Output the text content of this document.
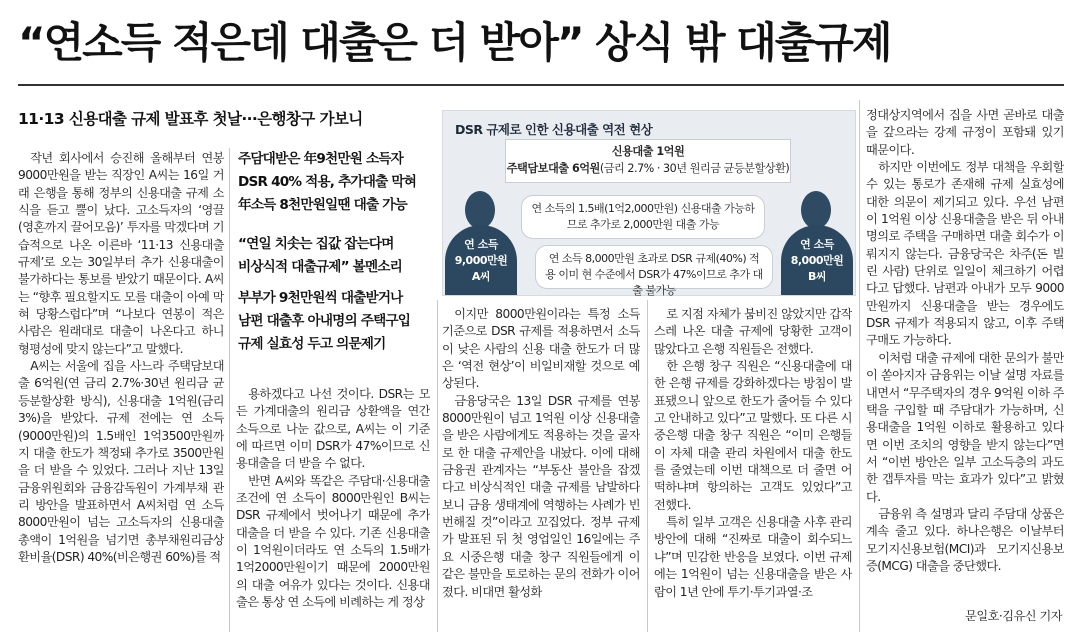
“연소득 적은데 대출은 더 받아” 상식 밖 대출규제
11·13 신용대출 규제 발표후 첫날···은행창구 가보니

작년 회사에서 승진해 올해부터 연봉 9000만원을 받는 직장인 A씨는 16일 거래 은행을 통해 정부의 신용대출 규제 소식을 듣고 뿔이 났다. 고소득자의 ‘영끌(영혼까지 끌어모음)’ 투자를 막겠다며 기습적으로 나온 이른바 ‘11·13 신용대출 규제’로 오는 30일부터 추가 신용대출이 불가하다는 통보를 받았기 때문이다. A씨는 “향후 필요할지도 모를 대출이 아예 막혀 당황스럽다”며 “나보다 연봉이 적은 사람은 원래대로 대출이 나온다고 하니 형평성에 맞지 않는다”고 말했다.

A씨는 서울에 집을 사느라 주택담보대출 6억원(연 금리 2.7%·30년 원리금 균등분할상환 방식), 신용대출 1억원(금리 3%)을 받았다. 규제 전에는 연 소득(9000만원)의 1.5배인 1억3500만원까지 대출 한도가 책정돼 추가로 3500만원을 더 받을 수 있었다. 그러나 지난 13일 금융위원회와 금융감독원이 가계부채 관리 방안을 발표하면서 A씨처럼 연 소득 8000만원이 넘는 고소득자의 신용대출 총액이 1억원을 넘기면 총부채원리금상환비율(DSR) 40%(비은행권 60%)를 적

주담대받은 年9천만원 소득자
DSR 40% 적용, 추가대출 막혀
年소득 8천만원일땐 대출 가능
“연일 치솟는 집값 잡는다며
비상식적 대출규제” 볼멘소리
부부가 9천만원씩 대출받거나
남편 대출후 아내명의 주택구입
규제 실효성 두고 의문제기

용하겠다고 나선 것이다. DSR는 모든 가계대출의 원리금 상환액을 연간 소득으로 나눈 값으로, A씨는 이 기준에 따르면 이미 DSR가 47%이므로 신용대출을 더 받을 수 없다.

반면 A씨와 똑같은 주담대·신용대출 조건에 연 소득이 8000만원인 B씨는 DSR 규제에서 벗어나기 때문에 추가 대출을 더 받을 수 있다. 기존 신용대출이 1억원이더라도 연 소득의 1.5배가 1억2000만원이기 때문에 2000만원의 대출 여유가 있다는 것이다. 신용대출은 통상 연 소득에 비례하는 게 정상

DSR 규제로 인한 신용대출 역전 현상
신용대출 1억원
주택담보대출 6억원(금리 2.7% · 30년 원리금 균등분할상환)
연 소득
9,000만원
A씨
연 소득의 1.5배(1억2,000만원) 신용대출 가능하므로 추가로 2,000만원 대출 가능
연 소득 8,000만원 초과로 DSR 규제(40%) 적용 이미 현 수준에서 DSR가 47%이므로 추가 대출 불가능
연 소득
8,000만원
B씨

이지만 8000만원이라는 특정 소득 기준으로 DSR 규제를 적용하면서 소득이 낮은 사람의 신용 대출 한도가 더 많은 ‘역전 현상’이 비일비재할 것으로 예상된다.

금융당국은 13일 DSR 규제를 연봉 8000만원이 넘고 1억원 이상 신용대출을 받은 사람에게도 적용하는 것을 골자로 한 대출 규제안을 내놨다. 이에 대해 금융권 관계자는 “부동산 불안을 잡겠다고 비상식적인 대출 규제를 남발하다 보니 금융 생태계에 역행하는 사례가 빈번해질 것”이라고 꼬집었다. 정부 규제가 발표된 뒤 첫 영업일인 16일에는 주요 시중은행 대출 창구 직원들에게 이 같은 불만을 토로하는 문의 전화가 이어졌다. 비대면 활성화

로 지점 자체가 붐비진 않았지만 갑작스레 나온 대출 규제에 당황한 고객이 많았다고 은행 직원들은 전했다.

한 은행 창구 직원은 “신용대출에 대한 은행 규제를 강화하겠다는 방침이 발표됐으니 앞으로 한도가 줄어들 수 있다고 안내하고 있다”고 말했다. 또 다른 시중은행 대출 창구 직원은 “이미 은행들이 자체 대출 관리 차원에서 대출 한도를 줄였는데 이번 대책으로 더 줄면 어떡하냐며 항의하는 고객도 있었다”고 전했다.

특히 일부 고객은 신용대출 사후 관리 방안에 대해 “진짜로 대출이 회수되느냐”며 민감한 반응을 보였다. 이번 규제에는 1억원이 넘는 신용대출을 받은 사람이 1년 안에 투기·투기과열·조

정대상지역에서 집을 사면 곧바로 대출을 갚으라는 강제 규정이 포함돼 있기 때문이다.

하지만 이번에도 정부 대책을 우회할 수 있는 통로가 존재해 규제 실효성에 대한 의문이 제기되고 있다. 우선 남편이 1억원 이상 신용대출을 받은 뒤 아내 명의로 주택을 구매하면 대출 회수가 이뤄지지 않는다. 금융당국은 차주(돈 빌린 사람) 단위로 일일이 체크하기 어렵다고 답했다. 남편과 아내가 모두 9000만원까지 신용대출을 받는 경우에도 DSR 규제가 적용되지 않고, 이후 주택 구매도 가능하다.

이처럼 대출 규제에 대한 문의가 불만이 쏟아지자 금융위는 이날 설명 자료를 내면서 “무주택자의 경우 9억원 이하 주택을 구입할 때 주담대가 가능하며, 신용대출을 1억원 이하로 활용하고 있다면 이번 조치의 영향을 받지 않는다”면서 “이번 방안은 일부 고소득층의 과도한 갭투자를 막는 효과가 있다”고 밝혔다.

금융위 측 설명과 달리 주담대 상품은 계속 줄고 있다. 하나은행은 이날부터 모기지신용보험(MCI)과 모기지신용보증(MCG) 대출을 중단했다.

문일호·김유신 기자
